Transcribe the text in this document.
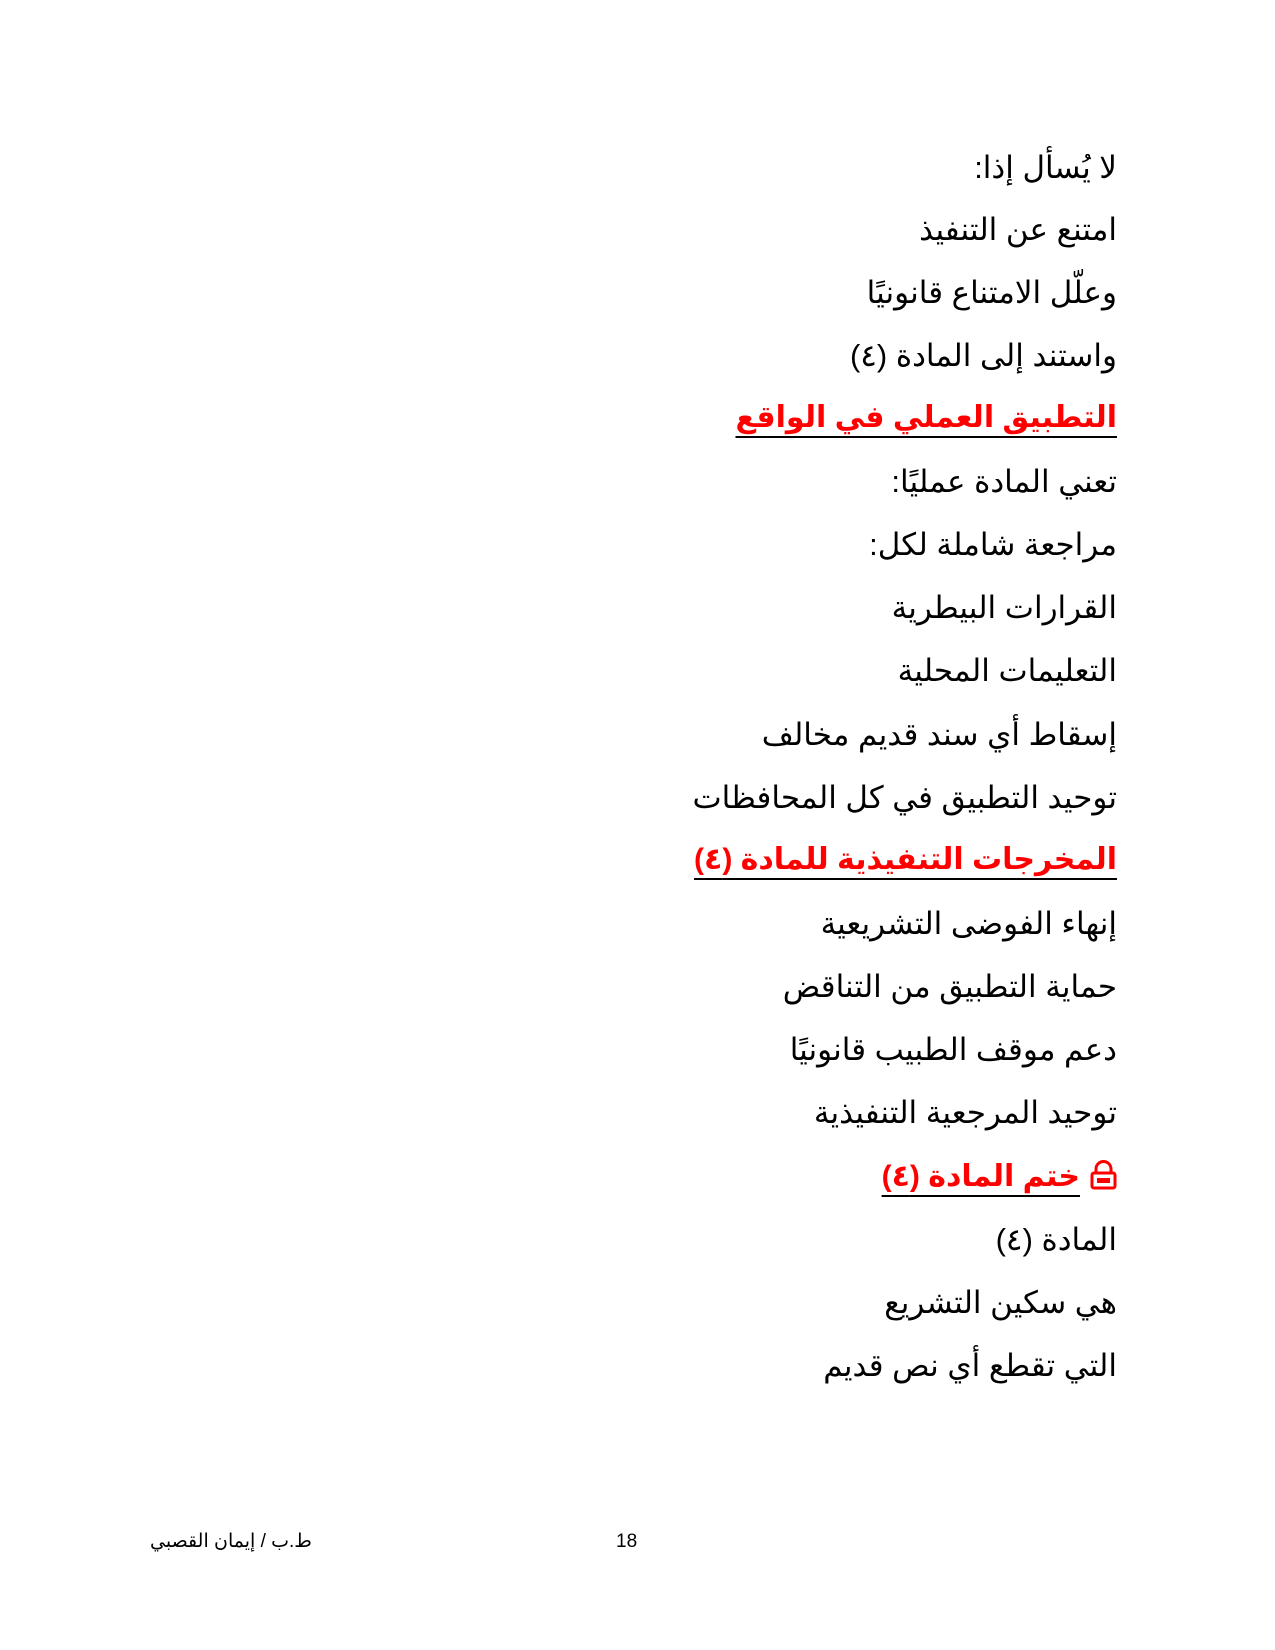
لا يُسأل إذا:

امتنع عن التنفيذ

وعلّل الامتناع قانونيًا

واستند إلى المادة (٤)

التطبيق العملي في الواقع

تعني المادة عمليًا:

مراجعة شاملة لكل:

القرارات البيطرية

التعليمات المحلية

إسقاط أي سند قديم مخالف

توحيد التطبيق في كل المحافظات

المخرجات التنفيذية للمادة (٤)

إنهاء الفوضى التشريعية

حماية التطبيق من التناقض

دعم موقف الطبيب قانونيًا

توحيد المرجعية التنفيذية

ختم المادة (٤)

المادة (٤)

هي سكين التشريع

التي تقطع أي نص قديم

ط.ب / إيمان القصبي	18
